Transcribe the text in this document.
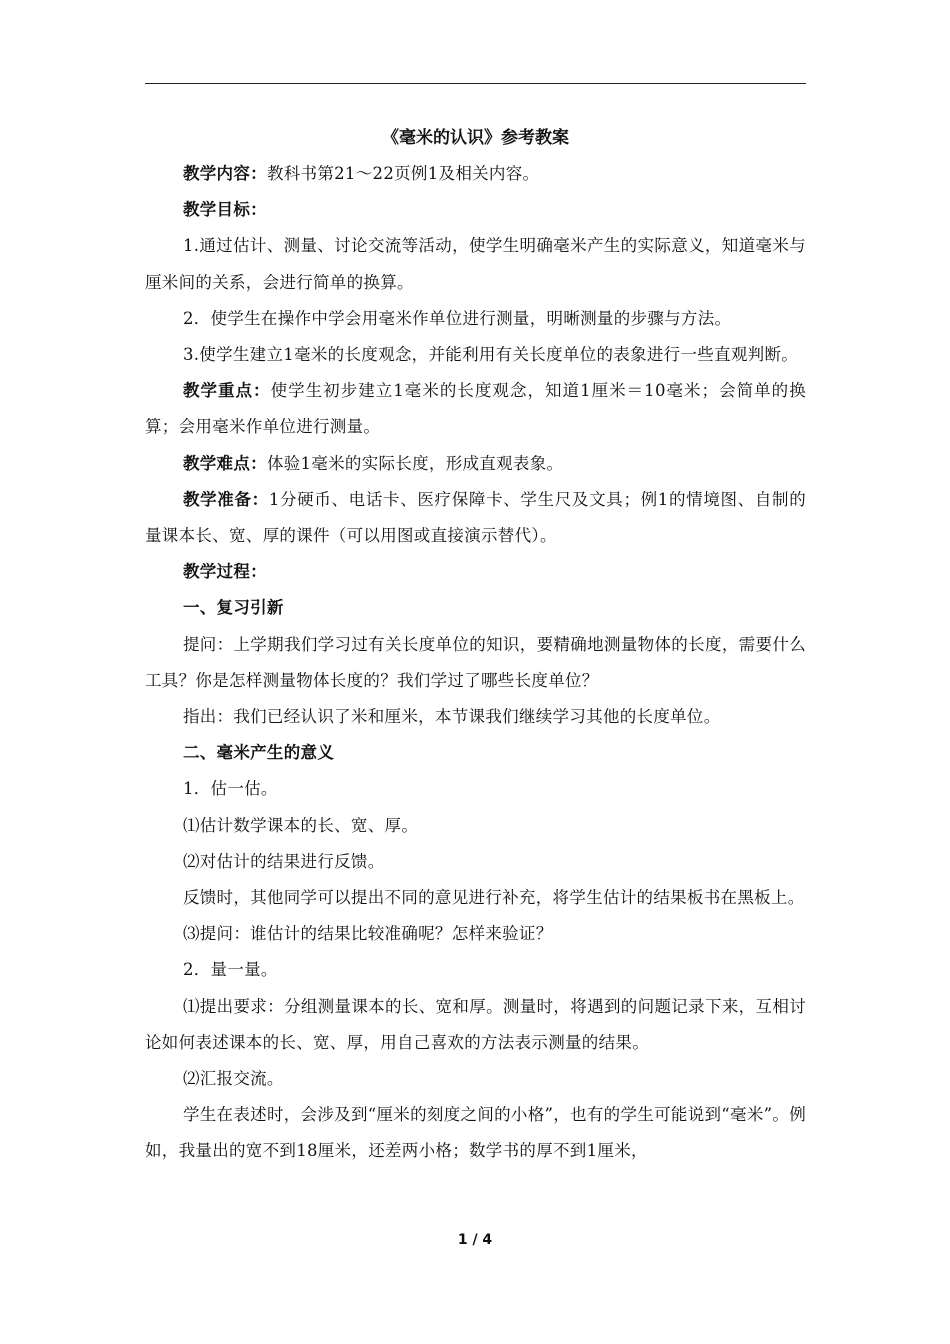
《毫米的认识》参考教案

教学内容：教科书第21～22页例1及相关内容。

教学目标：

1.通过估计、测量、讨论交流等活动，使学生明确毫米产生的实际意义，知道毫米与厘米间的关系，会进行简单的换算。

2．使学生在操作中学会用毫米作单位进行测量，明晰测量的步骤与方法。

3.使学生建立1毫米的长度观念，并能利用有关长度单位的表象进行一些直观判断。

教学重点：使学生初步建立1毫米的长度观念，知道1厘米＝10毫米；会简单的换算；会用毫米作单位进行测量。

教学难点：体验1毫米的实际长度，形成直观表象。

教学准备：1分硬币、电话卡、医疗保障卡、学生尺及文具；例1的情境图、自制的量课本长、宽、厚的课件（可以用图或直接演示替代）。

教学过程：

一、复习引新

提问：上学期我们学习过有关长度单位的知识，要精确地测量物体的长度，需要什么工具？你是怎样测量物体长度的？我们学过了哪些长度单位？

指出：我们已经认识了米和厘米，本节课我们继续学习其他的长度单位。

二、毫米产生的意义

1．估一估。

⑴估计数学课本的长、宽、厚。

⑵对估计的结果进行反馈。

反馈时，其他同学可以提出不同的意见进行补充，将学生估计的结果板书在黑板上。

⑶提问：谁估计的结果比较准确呢？怎样来验证？

2．量一量。

⑴提出要求：分组测量课本的长、宽和厚。测量时，将遇到的问题记录下来，互相讨论如何表述课本的长、宽、厚，用自己喜欢的方法表示测量的结果。

⑵汇报交流。

学生在表述时，会涉及到“厘米的刻度之间的小格”，也有的学生可能说到“毫米”。例如，我量出的宽不到18厘米，还差两小格；数学书的厚不到1厘米，

1 / 4
